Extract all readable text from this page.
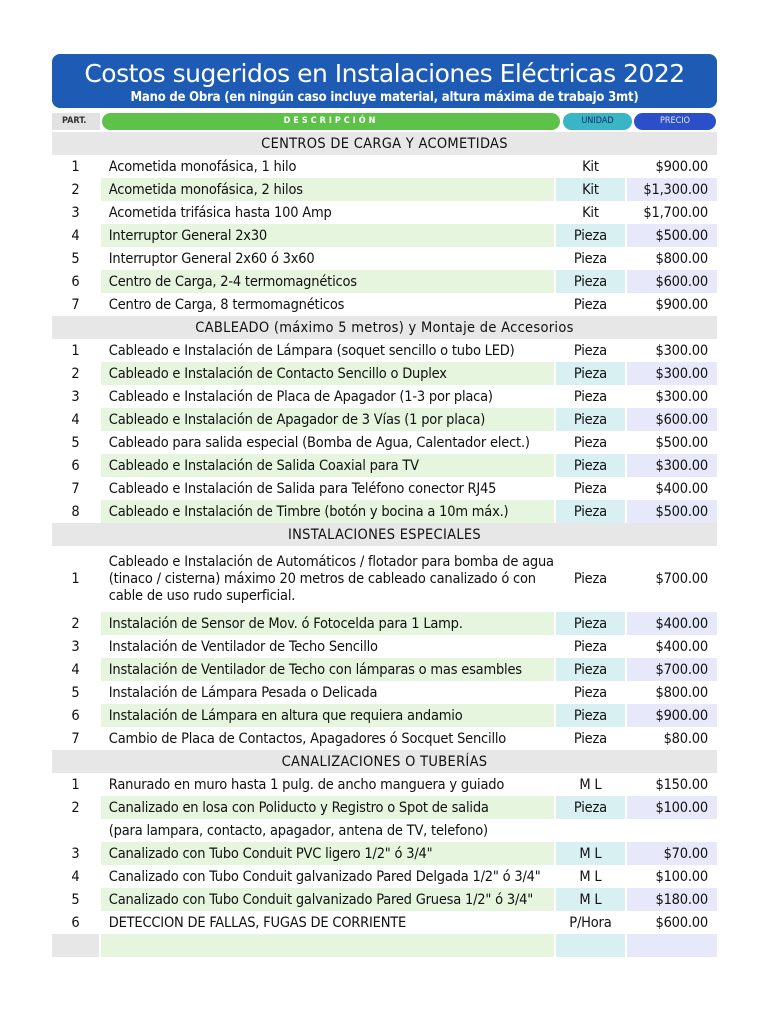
Costos sugeridos en Instalaciones Eléctricas 2022
Mano de Obra (en ningún caso incluye material, altura máxima de trabajo 3mt)
PART.	DESCRIPCIÓN	UNIDAD	PRECIO
CENTROS DE CARGA Y ACOMETIDAS			
1	Acometida monofásica, 1 hilo	Kit	$900.00
2	Acometida monofásica, 2 hilos	Kit	$1,300.00
3	Acometida trifásica hasta 100 Amp	Kit	$1,700.00
4	Interruptor General 2x30	Pieza	$500.00
5	Interruptor General 2x60 ó 3x60	Pieza	$800.00
6	Centro de Carga, 2-4 termomagnéticos	Pieza	$600.00
7	Centro de Carga, 8 termomagnéticos	Pieza	$900.00
CABLEADO (máximo 5 metros) y Montaje de Accesorios			
1	Cableado e Instalación de Lámpara (soquet sencillo o tubo LED)	Pieza	$300.00
2	Cableado e Instalación de Contacto Sencillo o Duplex	Pieza	$300.00
3	Cableado e Instalación de Placa de Apagador (1-3 por placa)	Pieza	$300.00
4	Cableado e Instalación de Apagador de 3 Vías (1 por placa)	Pieza	$600.00
5	Cableado para salida especial (Bomba de Agua, Calentador elect.)	Pieza	$500.00
6	Cableado e Instalación de Salida Coaxial para TV	Pieza	$300.00
7	Cableado e Instalación de Salida para Teléfono conector RJ45	Pieza	$400.00
8	Cableado e Instalación de Timbre (botón y bocina a 10m máx.)	Pieza	$500.00
INSTALACIONES ESPECIALES			
1	Cableado e Instalación de Automáticos / flotador para bomba de agua (tinaco / cisterna) máximo 20 metros de cableado canalizado ó con cable de uso rudo superficial.	Pieza	$700.00
2	Instalación de Sensor de Mov. ó Fotocelda para 1 Lamp.	Pieza	$400.00
3	Instalación de Ventilador de Techo Sencillo	Pieza	$400.00
4	Instalación de Ventilador de Techo con lámparas o mas esambles	Pieza	$700.00
5	Instalación de Lámpara Pesada o Delicada	Pieza	$800.00
6	Instalación de Lámpara en altura que requiera andamio	Pieza	$900.00
7	Cambio de Placa de Contactos, Apagadores ó Socquet Sencillo	Pieza	$80.00
CANALIZACIONES O TUBERÍAS			
1	Ranurado en muro hasta 1 pulg. de ancho manguera y guiado	M L	$150.00
2	Canalizado en losa con Poliducto y Registro o Spot de salida	Pieza	$100.00
	(para lampara, contacto, apagador, antena de TV, telefono)		
3	Canalizado con Tubo Conduit PVC ligero 1/2" ó 3/4"	M L	$70.00
4	Canalizado con Tubo Conduit galvanizado Pared Delgada 1/2" ó 3/4"	M L	$100.00
5	Canalizado con Tubo Conduit galvanizado Pared Gruesa 1/2" ó 3/4"	M L	$180.00
6	DETECCION DE FALLAS, FUGAS DE CORRIENTE	P/Hora	$600.00
